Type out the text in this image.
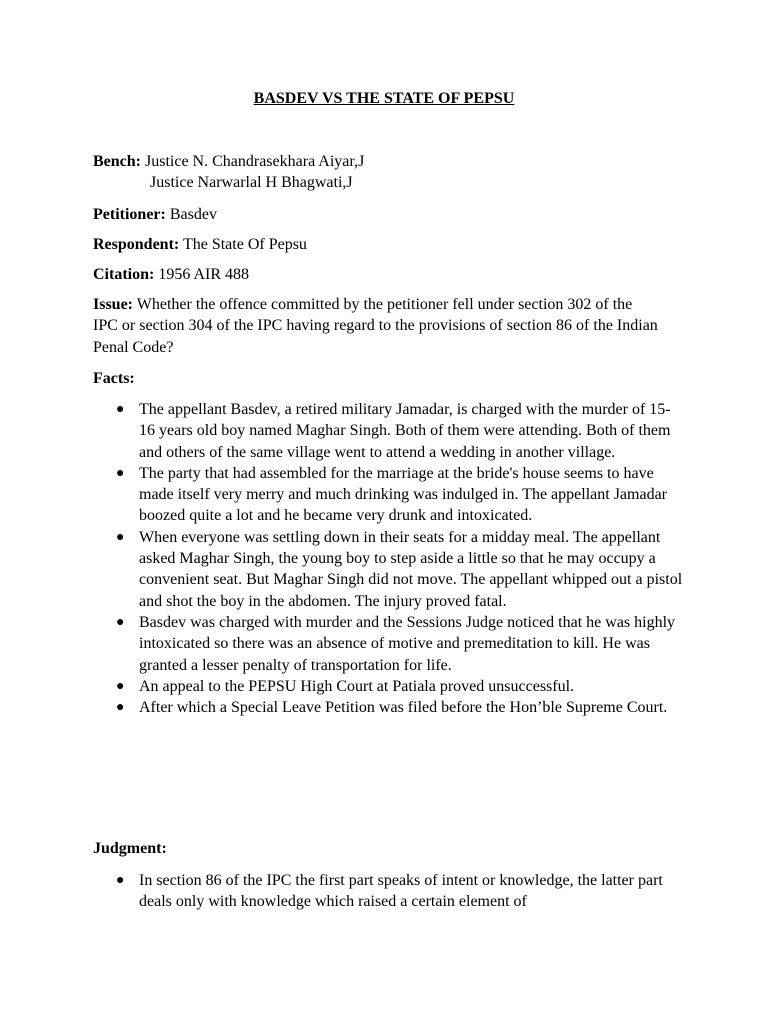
BASDEV VS THE STATE OF PEPSU
Bench: Justice N. Chandrasekhara Aiyar,J
Justice Narwarlal H Bhagwati,J
Petitioner: Basdev
Respondent: The State Of Pepsu
Citation: 1956 AIR 488
Issue: Whether the offence committed by the petitioner fell under section 302 of the IPC or section 304 of the IPC having regard to the provisions of section 86 of the Indian Penal Code?
Facts:
● The appellant Basdev, a retired military Jamadar, is charged with the murder of 15-16 years old boy named Maghar Singh. Both of them were attending. Both of them and others of the same village went to attend a wedding in another village.
● The party that had assembled for the marriage at the bride's house seems to have made itself very merry and much drinking was indulged in. The appellant Jamadar boozed quite a lot and he became very drunk and intoxicated.
● When everyone was settling down in their seats for a midday meal. The appellant asked Maghar Singh, the young boy to step aside a little so that he may occupy a convenient seat. But Maghar Singh did not move. The appellant whipped out a pistol and shot the boy in the abdomen. The injury proved fatal.
● Basdev was charged with murder and the Sessions Judge noticed that he was highly intoxicated so there was an absence of motive and premeditation to kill. He was granted a lesser penalty of transportation for life.
● An appeal to the PEPSU High Court at Patiala proved unsuccessful.
● After which a Special Leave Petition was filed before the Hon’ble Supreme Court.
Judgment:
● In section 86 of the IPC the first part speaks of intent or knowledge, the latter part deals only with knowledge which raised a certain element of
